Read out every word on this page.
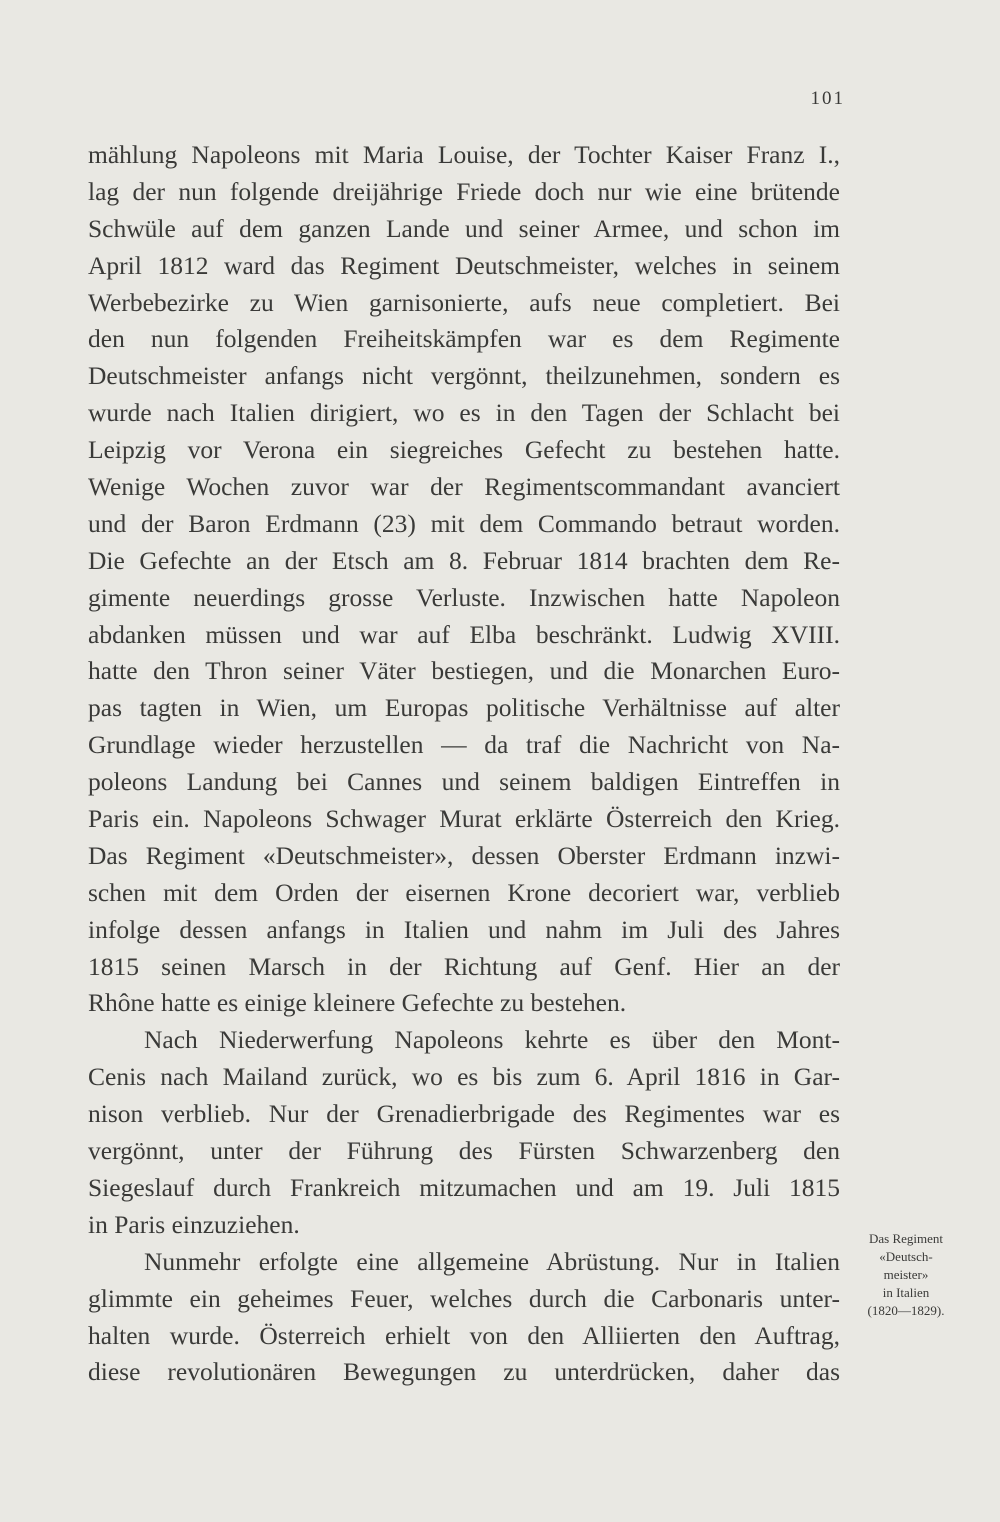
101
mählung Napoleons mit Maria Louise, der Tochter Kaiser Franz I.,
lag der nun folgende dreijährige Friede doch nur wie eine brütende
Schwüle auf dem ganzen Lande und seiner Armee, und schon im
April 1812 ward das Regiment Deutschmeister, welches in seinem
Werbebezirke zu Wien garnisonierte, aufs neue completiert. Bei
den nun folgenden Freiheitskämpfen war es dem Regimente
Deutschmeister anfangs nicht vergönnt, theilzunehmen, sondern es
wurde nach Italien dirigiert, wo es in den Tagen der Schlacht bei
Leipzig vor Verona ein siegreiches Gefecht zu bestehen hatte.
Wenige Wochen zuvor war der Regimentscommandant avanciert
und der Baron Erdmann (23) mit dem Commando betraut worden.
Die Gefechte an der Etsch am 8. Februar 1814 brachten dem Re-
gimente neuerdings grosse Verluste. Inzwischen hatte Napoleon
abdanken müssen und war auf Elba beschränkt. Ludwig XVIII.
hatte den Thron seiner Väter bestiegen, und die Monarchen Euro-
pas tagten in Wien, um Europas politische Verhältnisse auf alter
Grundlage wieder herzustellen — da traf die Nachricht von Na-
poleons Landung bei Cannes und seinem baldigen Eintreffen in
Paris ein. Napoleons Schwager Murat erklärte Österreich den Krieg.
Das Regiment «Deutschmeister», dessen Oberster Erdmann inzwi-
schen mit dem Orden der eisernen Krone decoriert war, verblieb
infolge dessen anfangs in Italien und nahm im Juli des Jahres
1815 seinen Marsch in der Richtung auf Genf. Hier an der
Rhône hatte es einige kleinere Gefechte zu bestehen.
Nach Niederwerfung Napoleons kehrte es über den Mont-
Cenis nach Mailand zurück, wo es bis zum 6. April 1816 in Gar-
nison verblieb. Nur der Grenadierbrigade des Regimentes war es
vergönnt, unter der Führung des Fürsten Schwarzenberg den
Siegeslauf durch Frankreich mitzumachen und am 19. Juli 1815
in Paris einzuziehen.
Nunmehr erfolgte eine allgemeine Abrüstung. Nur in Italien
glimmte ein geheimes Feuer, welches durch die Carbonaris unter-
halten wurde. Österreich erhielt von den Alliierten den Auftrag,
diese revolutionären Bewegungen zu unterdrücken, daher das
Das Regiment
«Deutsch-
meister»
in Italien
(1820—1829).
